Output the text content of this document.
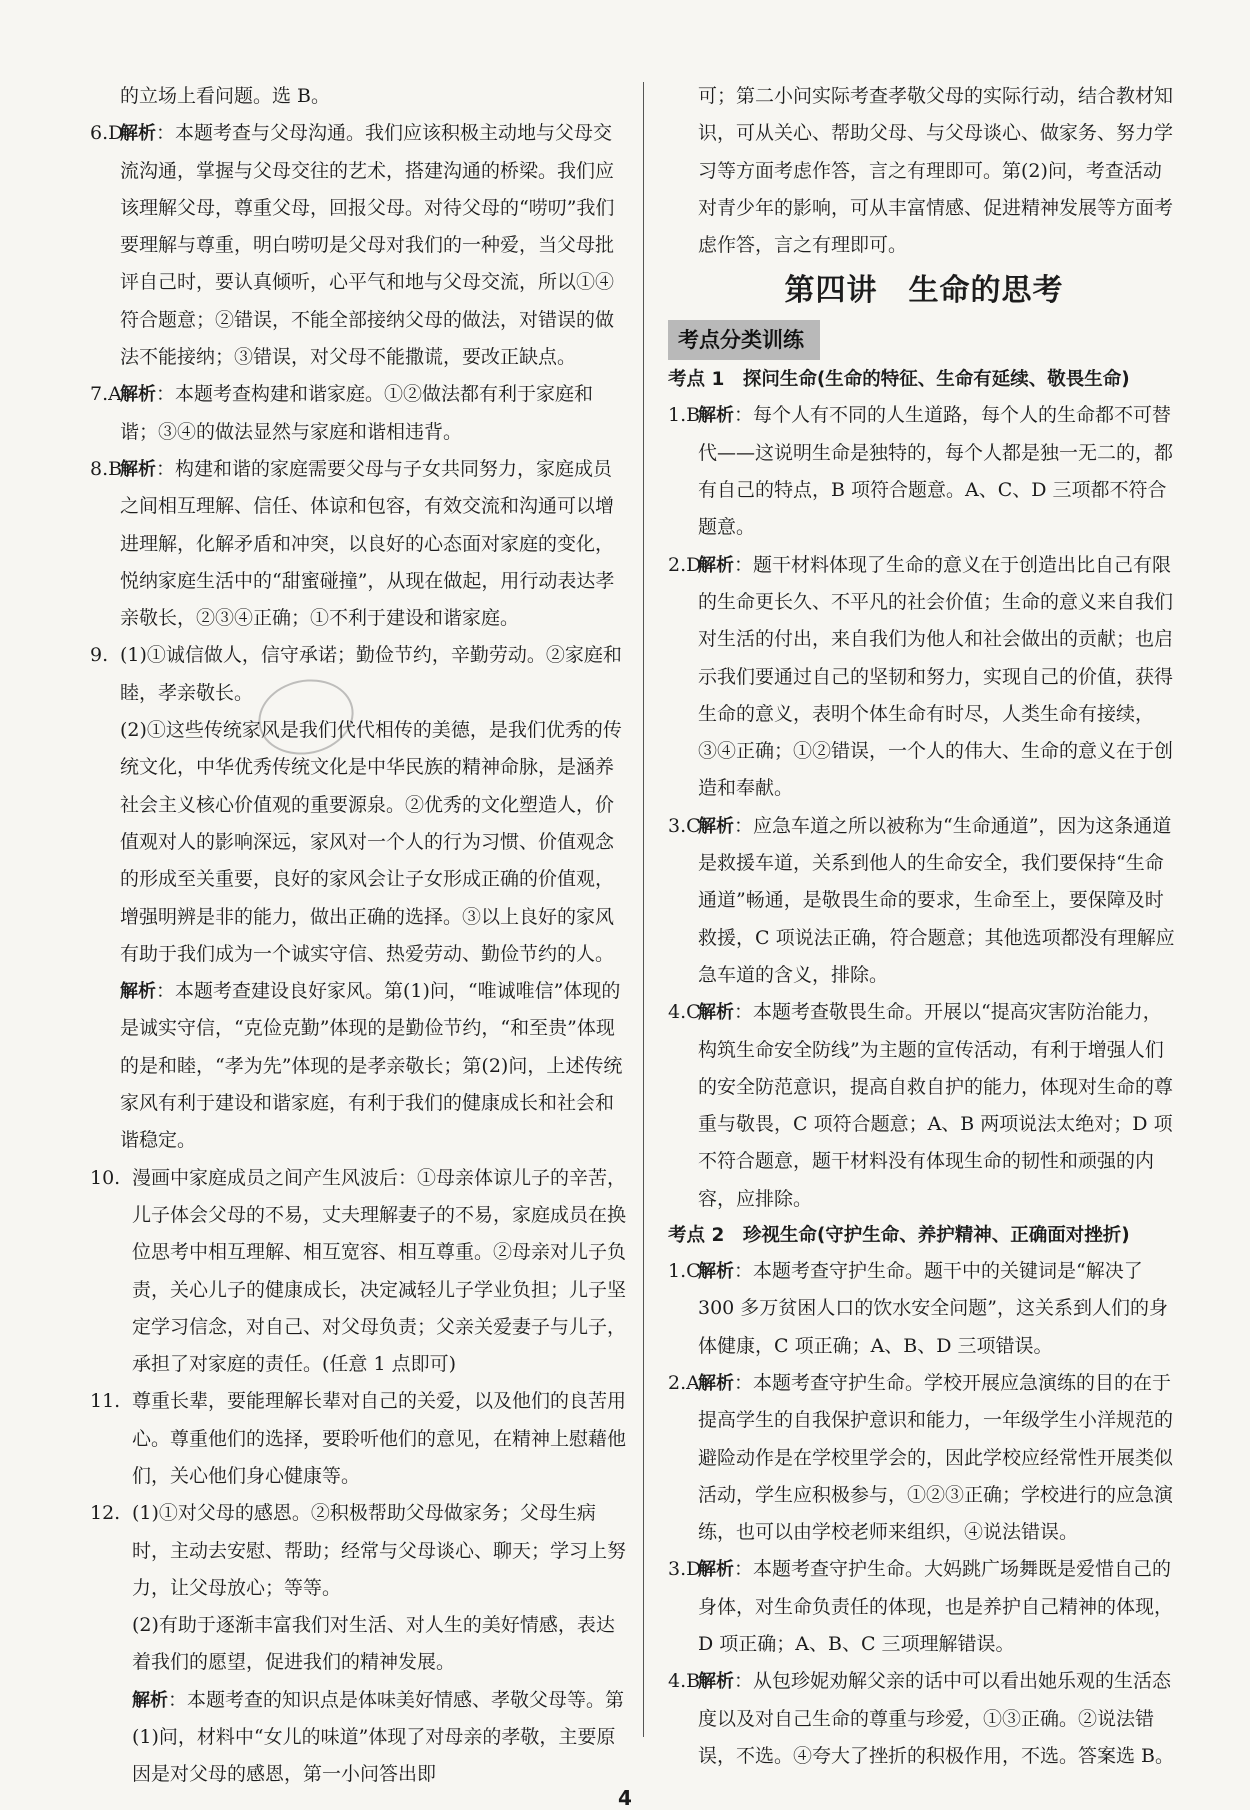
的立场上看问题。选 B。

6.D解析：本题考查与父母沟通。我们应该积极主动地与父母交流沟通，掌握与父母交往的艺术，搭建沟通的桥梁。我们应该理解父母，尊重父母，回报父母。对待父母的“唠叨”我们要理解与尊重，明白唠叨是父母对我们的一种爱，当父母批评自己时，要认真倾听，心平气和地与父母交流，所以①④符合题意；②错误，不能全部接纳父母的做法，对错误的做法不能接纳；③错误，对父母不能撒谎，要改正缺点。

7.A解析：本题考查构建和谐家庭。①②做法都有利于家庭和谐；③④的做法显然与家庭和谐相违背。

8.B解析：构建和谐的家庭需要父母与子女共同努力，家庭成员之间相互理解、信任、体谅和包容，有效交流和沟通可以增进理解，化解矛盾和冲突，以良好的心态面对家庭的变化，悦纳家庭生活中的“甜蜜碰撞”，从现在做起，用行动表达孝亲敬长，②③④正确；①不利于建设和谐家庭。

9. (1)①诚信做人，信守承诺；勤俭节约，辛勤劳动。②家庭和睦，孝亲敬长。

(2)①这些传统家风是我们代代相传的美德，是我们优秀的传统文化，中华优秀传统文化是中华民族的精神命脉，是涵养社会主义核心价值观的重要源泉。②优秀的文化塑造人，价值观对人的影响深远，家风对一个人的行为习惯、价值观念的形成至关重要，良好的家风会让子女形成正确的价值观，增强明辨是非的能力，做出正确的选择。③以上良好的家风有助于我们成为一个诚实守信、热爱劳动、勤俭节约的人。

解析：本题考查建设良好家风。第(1)问，“唯诚唯信”体现的是诚实守信，“克俭克勤”体现的是勤俭节约，“和至贵”体现的是和睦，“孝为先”体现的是孝亲敬长；第(2)问，上述传统家风有利于建设和谐家庭，有利于我们的健康成长和社会和谐稳定。

10. 漫画中家庭成员之间产生风波后：①母亲体谅儿子的辛苦，儿子体会父母的不易，丈夫理解妻子的不易，家庭成员在换位思考中相互理解、相互宽容、相互尊重。②母亲对儿子负责，关心儿子的健康成长，决定减轻儿子学业负担；儿子坚定学习信念，对自己、对父母负责；父亲关爱妻子与儿子，承担了对家庭的责任。(任意 1 点即可)

11. 尊重长辈，要能理解长辈对自己的关爱，以及他们的良苦用心。尊重他们的选择，要聆听他们的意见，在精神上慰藉他们，关心他们身心健康等。

12. (1)①对父母的感恩。②积极帮助父母做家务；父母生病时，主动去安慰、帮助；经常与父母谈心、聊天；学习上努力，让父母放心；等等。

(2)有助于逐渐丰富我们对生活、对人生的美好情感，表达着我们的愿望，促进我们的精神发展。

解析：本题考查的知识点是体味美好情感、孝敬父母等。第(1)问，材料中“女儿的味道”体现了对母亲的孝敬，主要原因是对父母的感恩，第一小问答出即

可；第二小问实际考查孝敬父母的实际行动，结合教材知识，可从关心、帮助父母、与父母谈心、做家务、努力学习等方面考虑作答，言之有理即可。第(2)问，考查活动对青少年的影响，可从丰富情感、促进精神发展等方面考虑作答，言之有理即可。

第四讲　生命的思考
考点分类训练

考点 1　探问生命(生命的特征、生命有延续、敬畏生命)

1.B解析：每个人有不同的人生道路，每个人的生命都不可替代——这说明生命是独特的，每个人都是独一无二的，都有自己的特点，B 项符合题意。A、C、D 三项都不符合题意。

2.D解析：题干材料体现了生命的意义在于创造出比自己有限的生命更长久、不平凡的社会价值；生命的意义来自我们对生活的付出，来自我们为他人和社会做出的贡献；也启示我们要通过自己的坚韧和努力，实现自己的价值，获得生命的意义，表明个体生命有时尽，人类生命有接续，③④正确；①②错误，一个人的伟大、生命的意义在于创造和奉献。

3.C解析：应急车道之所以被称为“生命通道”，因为这条通道是救援车道，关系到他人的生命安全，我们要保持“生命通道”畅通，是敬畏生命的要求，生命至上，要保障及时救援，C 项说法正确，符合题意；其他选项都没有理解应急车道的含义，排除。

4.C解析：本题考查敬畏生命。开展以“提高灾害防治能力，构筑生命安全防线”为主题的宣传活动，有利于增强人们的安全防范意识，提高自救自护的能力，体现对生命的尊重与敬畏，C 项符合题意；A、B 两项说法太绝对；D 项不符合题意，题干材料没有体现生命的韧性和顽强的内容，应排除。

考点 2　珍视生命(守护生命、养护精神、正确面对挫折)

1.C解析：本题考查守护生命。题干中的关键词是“解决了 300 多万贫困人口的饮水安全问题”，这关系到人们的身体健康，C 项正确；A、B、D 三项错误。

2.A解析：本题考查守护生命。学校开展应急演练的目的在于提高学生的自我保护意识和能力，一年级学生小洋规范的避险动作是在学校里学会的，因此学校应经常性开展类似活动，学生应积极参与，①②③正确；学校进行的应急演练，也可以由学校老师来组织，④说法错误。

3.D解析：本题考查守护生命。大妈跳广场舞既是爱惜自己的身体，对生命负责任的体现，也是养护自己精神的体现，D 项正确；A、B、C 三项理解错误。

4.B解析：从包珍妮劝解父亲的话中可以看出她乐观的生活态度以及对自己生命的尊重与珍爱，①③正确。②说法错误，不选。④夸大了挫折的积极作用，不选。答案选 B。

4
